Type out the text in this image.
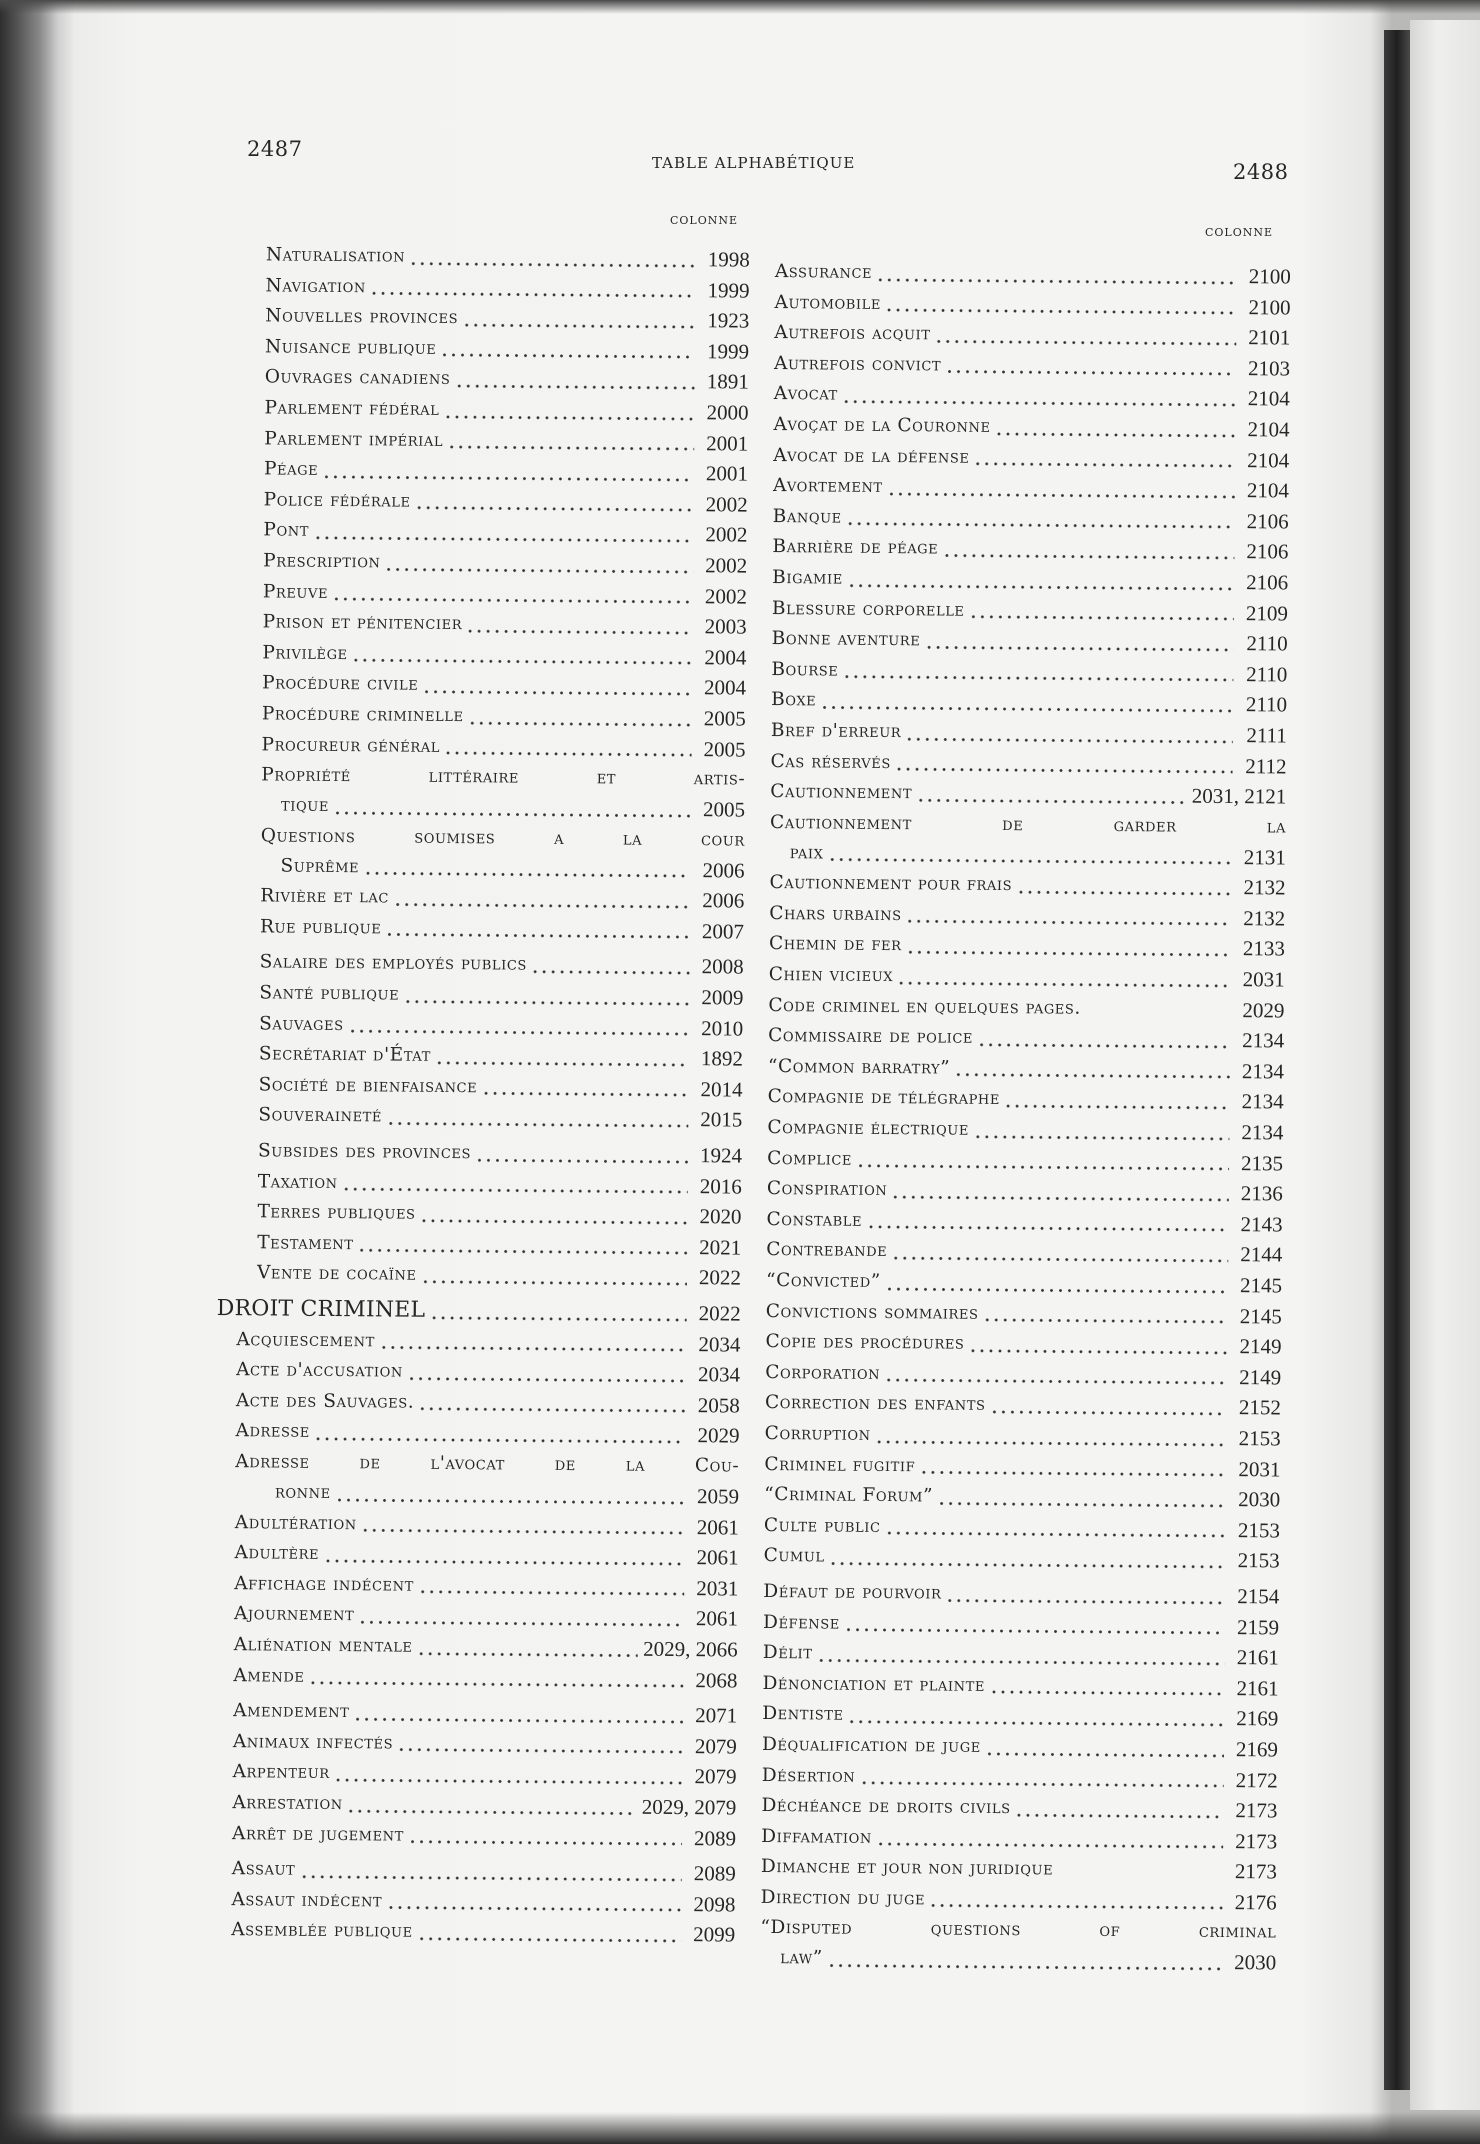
2487
TABLE ALPHABÉTIQUE	2488
COLONNE
COLONNE
Naturalisation	1998
Navigation	1999
Nouvelles provinces	1923
Nuisance publique	1999
Ouvrages canadiens	1891
Parlement fédéral	2000
Parlement impérial	2001
Péage	2001
Police fédérale	2002
Pont	2002
Prescription	2002
Preuve	2002
Prison et pénitencier	2003
Privilège	2004
Procédure civile	2004
Procédure criminelle	2005
Procureur général	2005
Propriété littéraire et artis-
tique	2005
Questions soumises a la cour
Suprême	2006
Rivière et lac	2006
Rue publique	2007
Salaire des employés publics	2008
Santé publique	2009
Sauvages	2010
Secrétariat d'État	1892
Société de bienfaisance	2014
Souveraineté	2015
Subsides des provinces	1924
Taxation	2016
Terres publiques	2020
Testament	2021
Vente de cocaïne	2022
DROIT CRIMINEL	2022
Acquiescement	2034
Acte d'accusation	2034
Acte des Sauvages.	2058
Adresse	2029
Adresse de l'avocat de la Cou-
ronne	2059
Adultération	2061
Adultère	2061
Affichage indécent	2031
Ajournement	2061
Aliénation mentale	2029, 2066
Amende	2068
Amendement	2071
Animaux infectés	2079
Arpenteur	2079
Arrestation	2029, 2079
Arrêt de jugement	2089
Assaut	2089
Assaut indécent	2098
Assemblée publique	2099
Assurance	2100
Automobile	2100
Autrefois acquit	2101
Autrefois convict	2103
Avocat	2104
Avoçat de la Couronne	2104
Avocat de la défense	2104
Avortement	2104
Banque	2106
Barrière de péage	2106
Bigamie	2106
Blessure corporelle	2109
Bonne aventure	2110
Bourse	2110
Boxe	2110
Bref d'erreur	2111
Cas réservés	2112
Cautionnement	2031, 2121
Cautionnement de garder la
paix	2131
Cautionnement pour frais	2132
Chars urbains	2132
Chemin de fer	2133
Chien vicieux	2031
Code criminel en quelques pages.	2029
Commissaire de police	2134
“Common barratry”	2134
Compagnie de télégraphe	2134
Compagnie électrique	2134
Complice	2135
Conspiration	2136
Constable	2143
Contrebande	2144
“Convicted”	2145
Convictions sommaires	2145
Copie des procédures	2149
Corporation	2149
Correction des enfants	2152
Corruption	2153
Criminel fugitif	2031
“Criminal Forum”	2030
Culte public	2153
Cumul	2153
Défaut de pourvoir	2154
Défense	2159
Délit	2161
Dénonciation et plainte	2161
Dentiste	2169
Déqualification de juge	2169
Désertion	2172
Déchéance de droits civils	2173
Diffamation	2173
Dimanche et jour non juridique	2173
Direction du juge	2176
“Disputed questions of criminal
law”	2030
